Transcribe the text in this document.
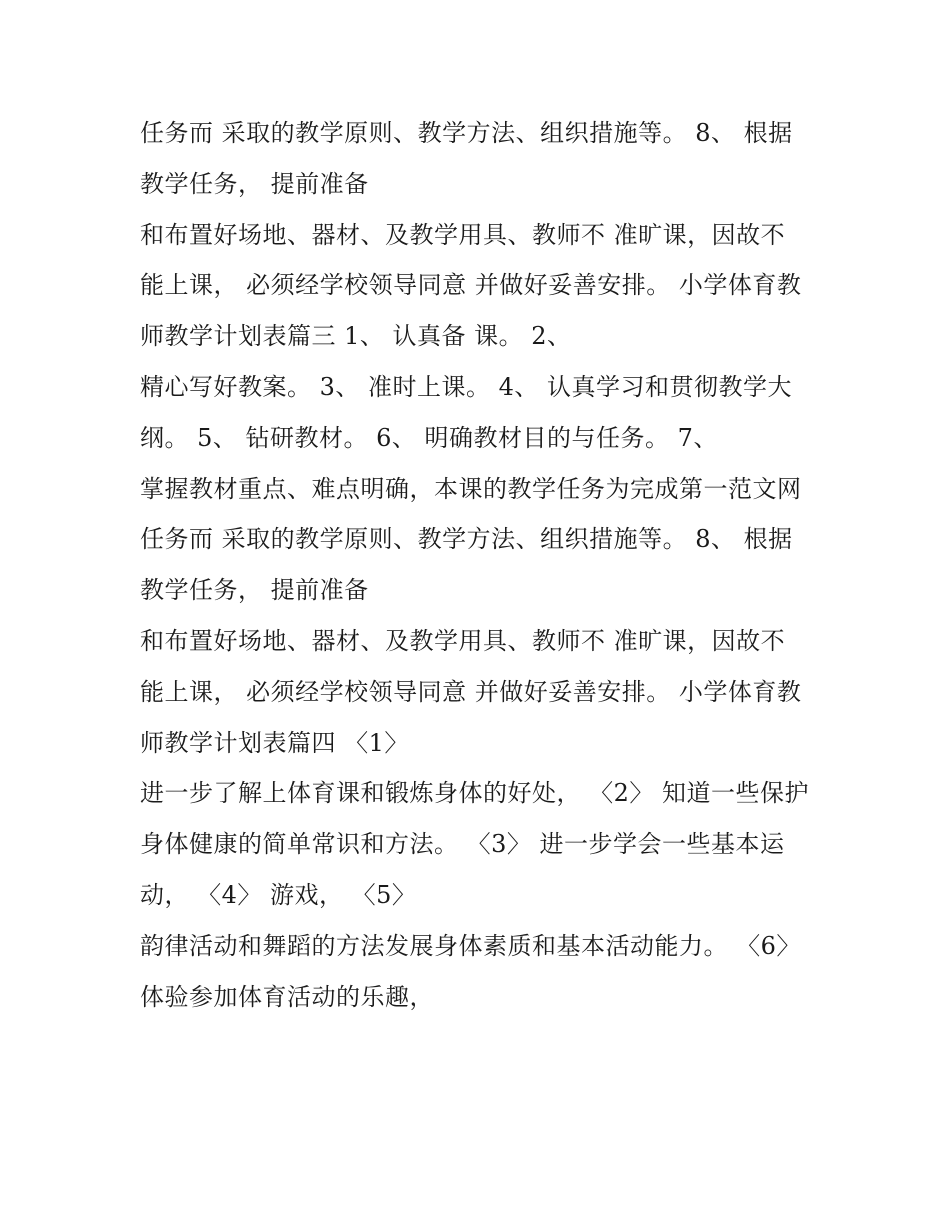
任务而 采取的教学原则、教学方法、组织措施等。 8、 根据
教学任务， 提前准备
和布置好场地、器材、及教学用具、教师不 准旷课，因故不
能上课， 必须经学校领导同意 并做好妥善安排。 小学体育教
师教学计划表篇三 1、 认真备 课。 2、
精心写好教案。 3、 准时上课。 4、 认真学习和贯彻教学大
纲。 5、 钻研教材。 6、 明确教材目的与任务。 7、
掌握教材重点、难点明确，本课的教学任务为完成第一范文网
任务而 采取的教学原则、教学方法、组织措施等。 8、 根据
教学任务， 提前准备
和布置好场地、器材、及教学用具、教师不 准旷课，因故不
能上课， 必须经学校领导同意 并做好妥善安排。 小学体育教
师教学计划表篇四 〈1〉
进一步了解上体育课和锻炼身体的好处， 〈2〉 知道一些保护
身体健康的简单常识和方法。 〈3〉 进一步学会一些基本运
动， 〈4〉 游戏， 〈5〉
韵律活动和舞蹈的方法发展身体素质和基本活动能力。 〈6〉
体验参加体育活动的乐趣，
